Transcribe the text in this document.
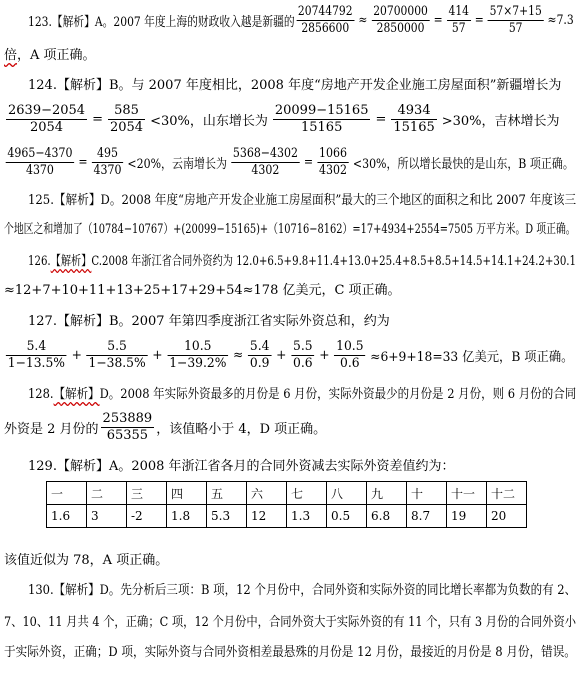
123.【解析】A。2007 年度上海的财政收入越是新疆的 $\frac{20744792}{2856600} \approx \frac{20700000}{2850000} = \frac{414}{57} = \frac{57\times 7+15}{57} \approx 7.3$
倍，A 项正确。
124.【解析】B。与 2007 年度相比，2008 年度“房地产开发企业施工房屋面积”新疆增长为
$\frac{2639-2054}{2054} = \frac{585}{2054} <30\%$，山东增长为 $\frac{20099-15165}{15165} = \frac{4934}{15165} >30\%$，吉林增长为
$\frac{4965-4370}{4370} = \frac{495}{4370} <20\%$，云南增长为 $\frac{5368-4302}{4302} = \frac{1066}{4302} <30\%$，所以增长最快的是山东，B 项正确。
125.【解析】D。2008 年度“房地产开发企业施工房屋面积”最大的三个地区的面积之和比 2007 年度该三
个地区之和增加了（10784−10767）+(20099−15165)+（10716−8162）=17+4934+2554=7505 万平方米。D 项正确。
126.【解析】C.2008 年浙江省合同外资约为 12.0+6.5+9.8+11.4+13.0+25.4+8.5+8.5+14.5+14.1+24.2+30.1
≈12+7+10+11+13+25+17+29+54≈178 亿美元，C 项正确。
127.【解析】B。2007 年第四季度浙江省实际外资总和，约为
$\frac{5.4}{1-13.5\%} + \frac{5.5}{1-38.5\%} + \frac{10.5}{1-39.2\%} \approx \frac{5.4}{0.9} + \frac{5.5}{0.6} + \frac{10.5}{0.6} \approx 6+9+18=33$ 亿美元，B 项正确。
128.【解析】D。2008 年实际外资最多的月份是 6 月份，实际外资最少的月份是 2 月份，则 6 月份的合同
外资是 2 月份的 $\frac{253889}{65355}$ ，该值略小于 4，D 项正确。
129.【解析】A。2008 年浙江省各月的合同外资减去实际外资差值约为：
一	二	三	四	五	六	七	八	九	十	十一	十二
1.6	3	-2	1.8	5.3	12	1.3	0.5	6.8	8.7	19	20
该值近似为 78，A 项正确。
130.【解析】D。先分析后三项：B 项，12 个月份中，合同外资和实际外资的同比增长率都为负数的有 2、
7、10、11 月共 4 个，正确；C 项，12 个月份中，合同外资大于实际外资的有 11 个，只有 3 月份的合同外资小
于实际外资，正确；D 项，实际外资与合同外资相差最悬殊的月份是 12 月份，最接近的月份是 8 月份，错误。
